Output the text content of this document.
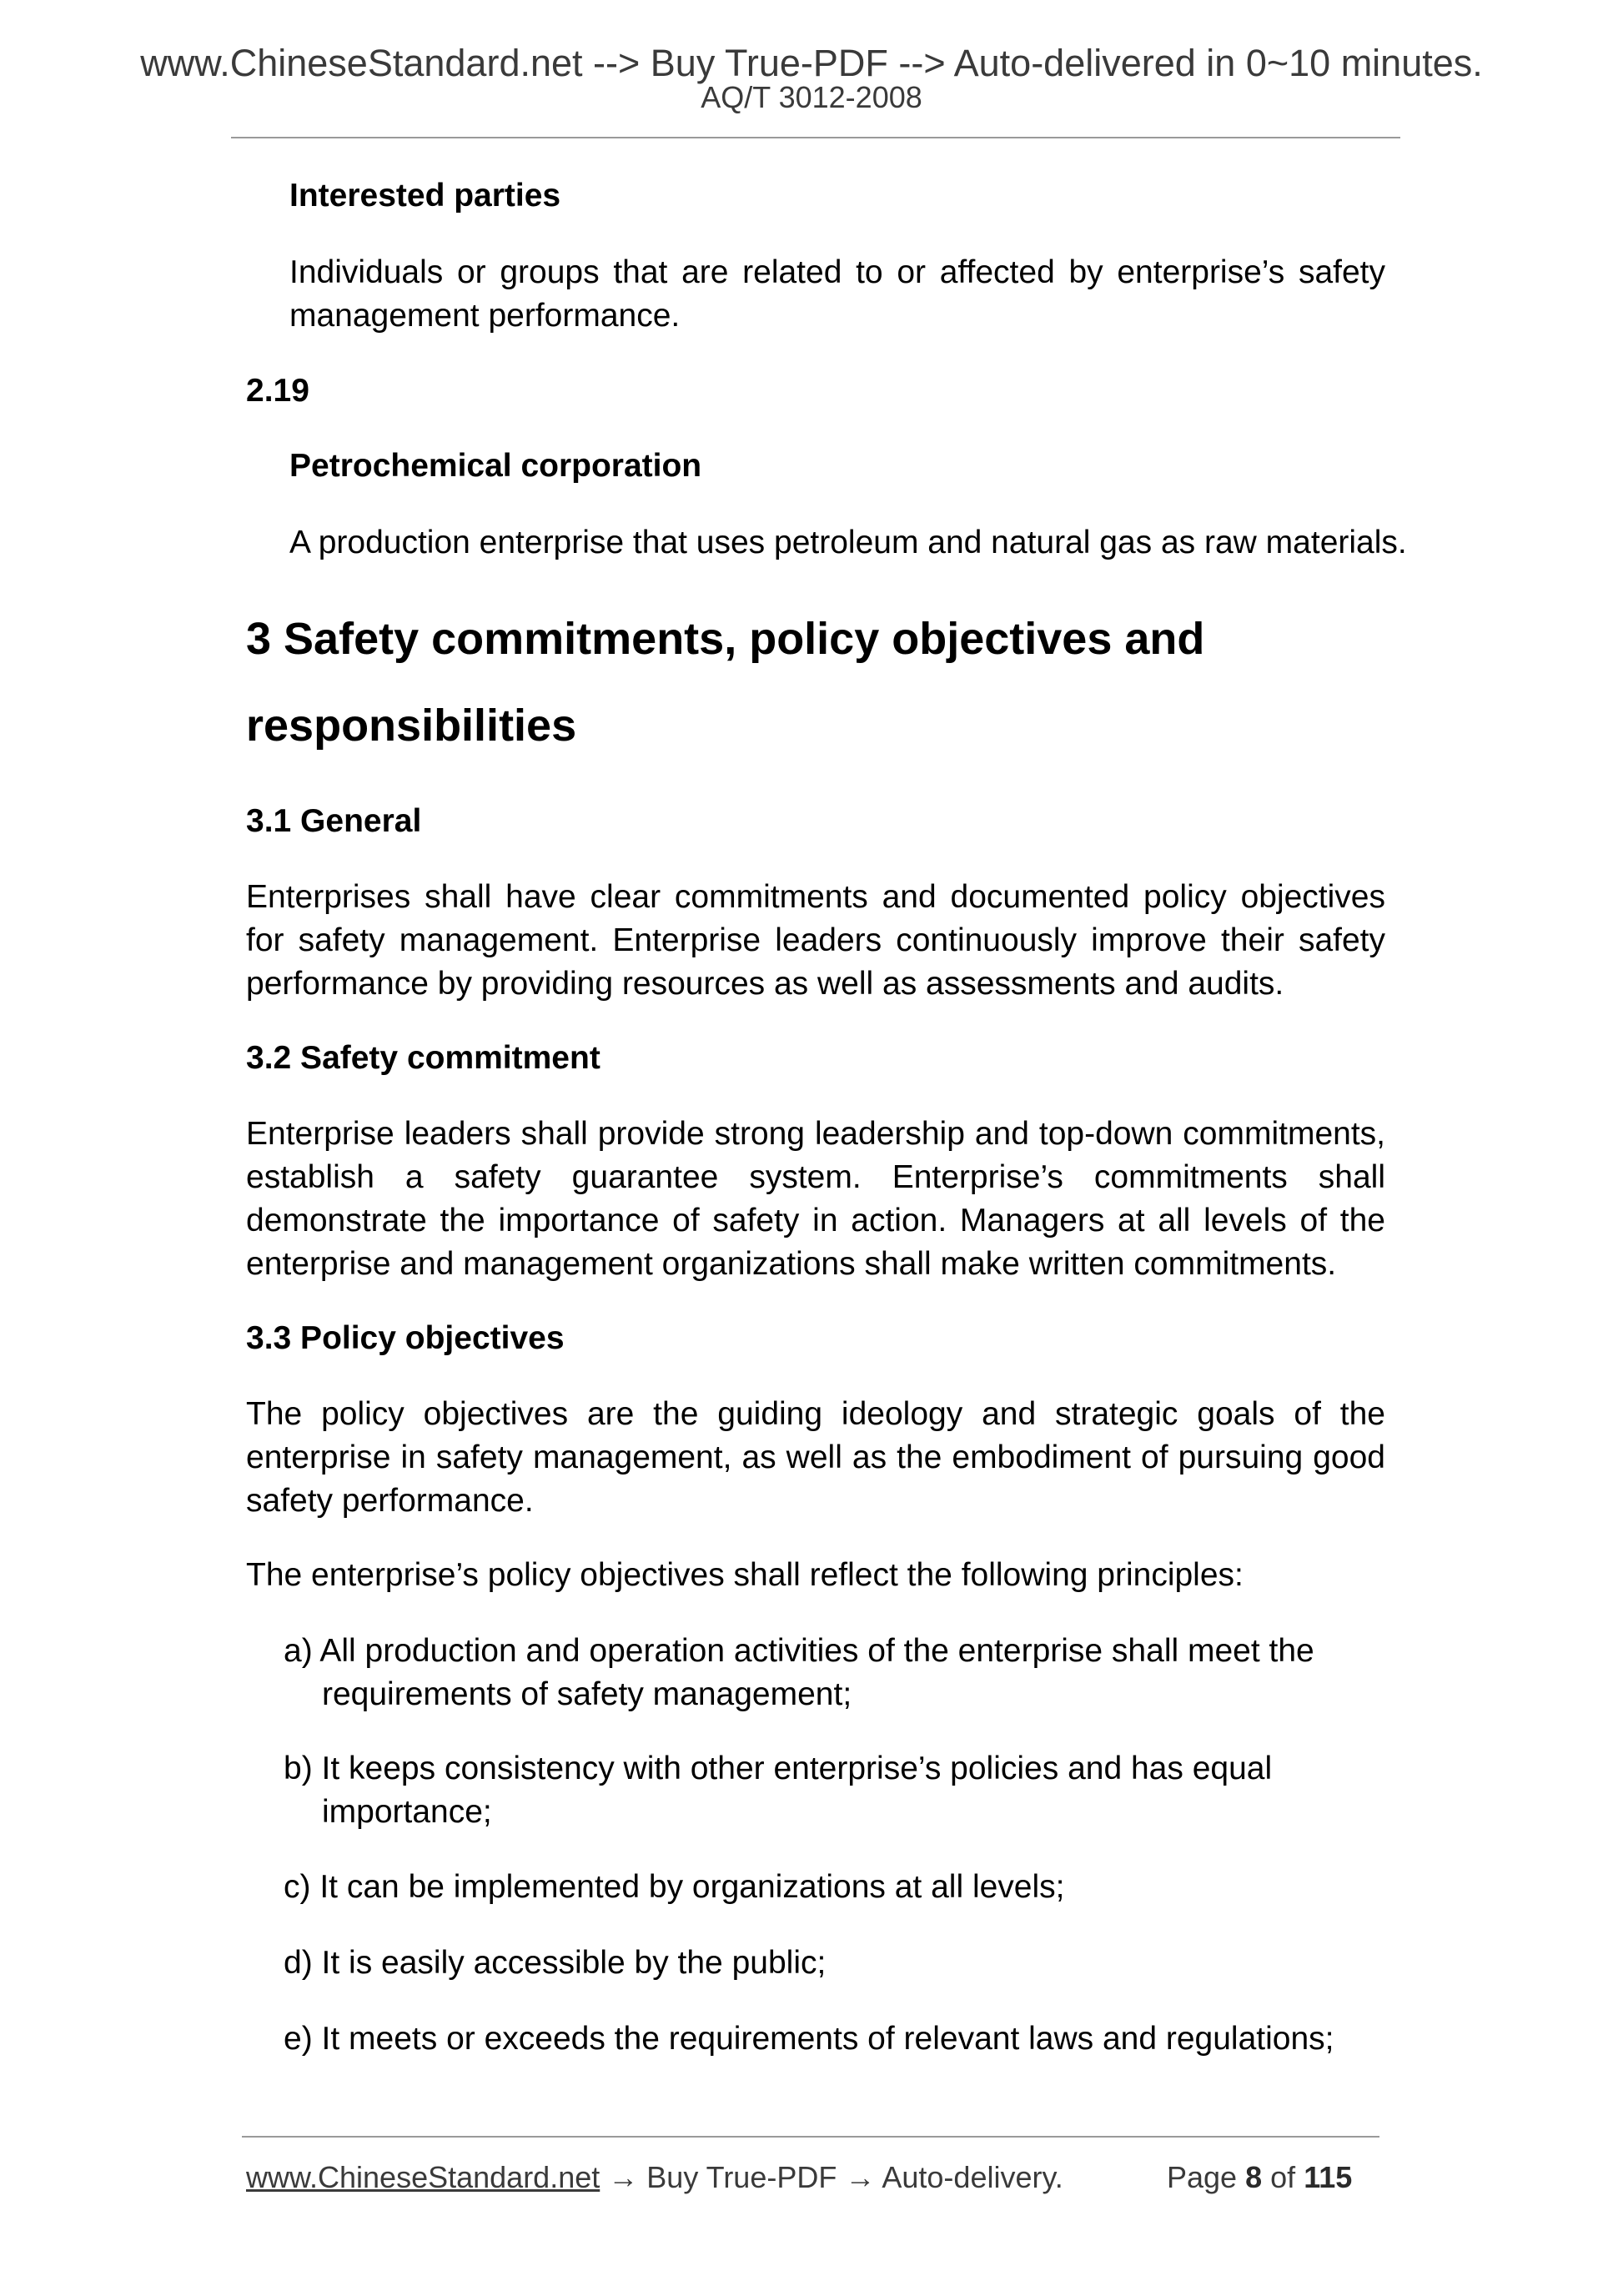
www.ChineseStandard.net --> Buy True-PDF --> Auto-delivered in 0~10 minutes.
AQ/T 3012-2008

Interested parties

Individuals or groups that are related to or affected by enterprise’s safety management performance.

2.19

Petrochemical corporation

A production enterprise that uses petroleum and natural gas as raw materials.

3 Safety commitments, policy objectives and

responsibilities

3.1 General

Enterprises shall have clear commitments and documented policy objectives for safety management. Enterprise leaders continuously improve their safety performance by providing resources as well as assessments and audits.

3.2 Safety commitment

Enterprise leaders shall provide strong leadership and top-down commitments, establish a safety guarantee system. Enterprise’s commitments shall demonstrate the importance of safety in action. Managers at all levels of the enterprise and management organizations shall make written commitments.

3.3 Policy objectives

The policy objectives are the guiding ideology and strategic goals of the enterprise in safety management, as well as the embodiment of pursuing good safety performance.

The enterprise’s policy objectives shall reflect the following principles:

a) All production and operation activities of the enterprise shall meet the
requirements of safety management;

b) It keeps consistency with other enterprise’s policies and has equal
importance;

c) It can be implemented by organizations at all levels;

d) It is easily accessible by the public;

e) It meets or exceeds the requirements of relevant laws and regulations;

www.ChineseStandard.net → Buy True-PDF → Auto-delivery.	Page 8 of 115
